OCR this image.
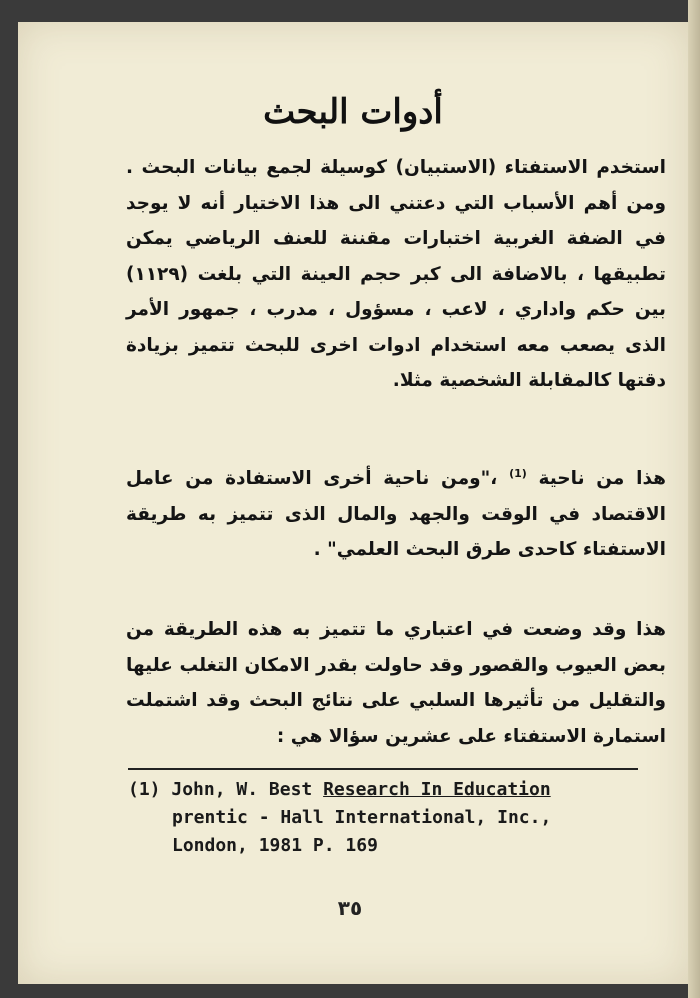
أدوات البحث

استخدم الاستفتاء (الاستبيان) كوسيلة لجمع بيانات البحث . ومن أهم الأسباب التي دعتني الى هذا الاختيار أنه لا يوجد في الضفة الغربية اختبارات مقننة للعنف الرياضي يمكن تطبيقها ، بالاضافة الى كبر حجم العينة التي بلغت (١١٢٩) بين حكم واداري ، لاعب ، مسؤول ، مدرب ، جمهور الأمر الذى يصعب معه استخدام ادوات اخرى للبحث تتميز بزيادة دقتها كالمقابلة الشخصية مثلا.

هذا من ناحية $^{(1)}$ ،"ومن ناحية أخرى الاستفادة من عامل الاقتصاد في الوقت والجهد والمال الذى تتميز به طريقة الاستفتاء كاحدى طرق البحث العلمي" .

هذا وقد وضعت في اعتباري ما تتميز به هذه الطريقة من بعض العيوب والقصور وقد حاولت بقدر الامكان التغلب عليها والتقليل من تأثيرها السلبي على نتائج البحث وقد اشتملت استمارة الاستفتاء على عشرين سؤالا هي :

(1) John, W. Best Research In Education
prentic - Hall International, Inc.,
London, 1981 P. 169
٣٥
